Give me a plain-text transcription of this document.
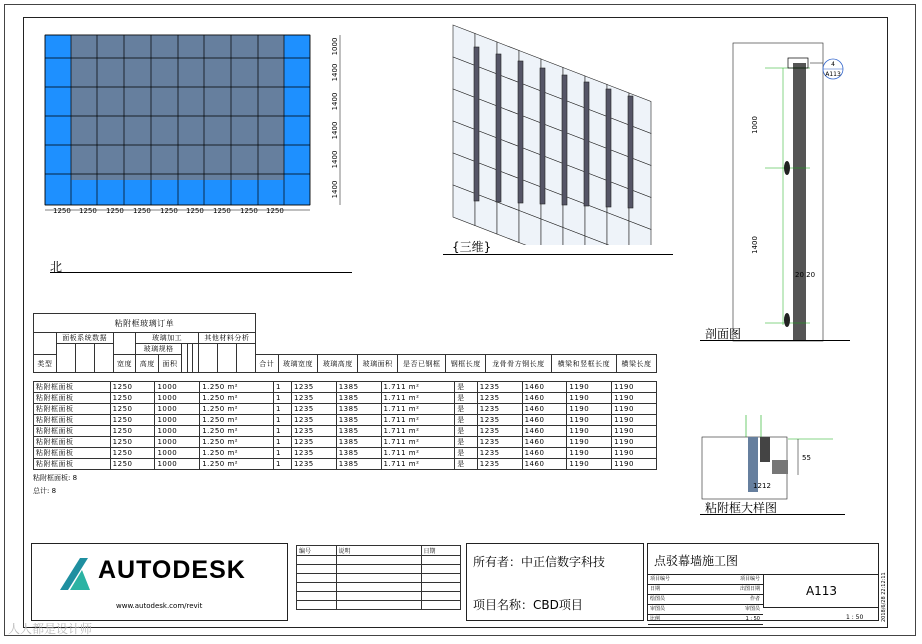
1250 1250 1250 1250 1250 1250 1250 1250 1250
1000
1400
1400
1400
1400
1400
北
{三维}
4
A113
1000
1400
20 20
剖面图
12 12
55
粘附框大样图
粘附框玻璃订单																					
	面板系统数据				玻璃加工					其他材料分析											
					玻璃规格																
类型				宽度	高度	面积							合计	玻璃宽度	玻璃高度	玻璃面积	是否已钢框	钢框长度	龙骨骨方钢长度	横梁和竖框长度	横梁长度
粘附框面板	1250	1000	1.250 m²	1	1235	1385	1.711 m²	是	1235	1460	1190	1190
粘附框面板	1250	1000	1.250 m²	1	1235	1385	1.711 m²	是	1235	1460	1190	1190
粘附框面板	1250	1000	1.250 m²	1	1235	1385	1.711 m²	是	1235	1460	1190	1190
粘附框面板	1250	1000	1.250 m²	1	1235	1385	1.711 m²	是	1235	1460	1190	1190
粘附框面板	1250	1000	1.250 m²	1	1235	1385	1.711 m²	是	1235	1460	1190	1190
粘附框面板	1250	1000	1.250 m²	1	1235	1385	1.711 m²	是	1235	1460	1190	1190
粘附框面板	1250	1000	1.250 m²	1	1235	1385	1.711 m²	是	1235	1460	1190	1190
粘附框面板	1250	1000	1.250 m²	1	1235	1385	1.711 m²	是	1235	1460	1190	1190
粘附框面板: 8
总计: 8
AUTODESK
www.autodesk.com/revit
编号	说明	日期

所有者：中正信数字科技
项目名称：CBD项目
点驳幕墙施工图
项目编号	项目编号
日期	出图日期
绘图员	作者
审图员	审图员
比例	1 : 50
A113
1 : 50	2018/6/28 22:12:11
人人都是设计师
